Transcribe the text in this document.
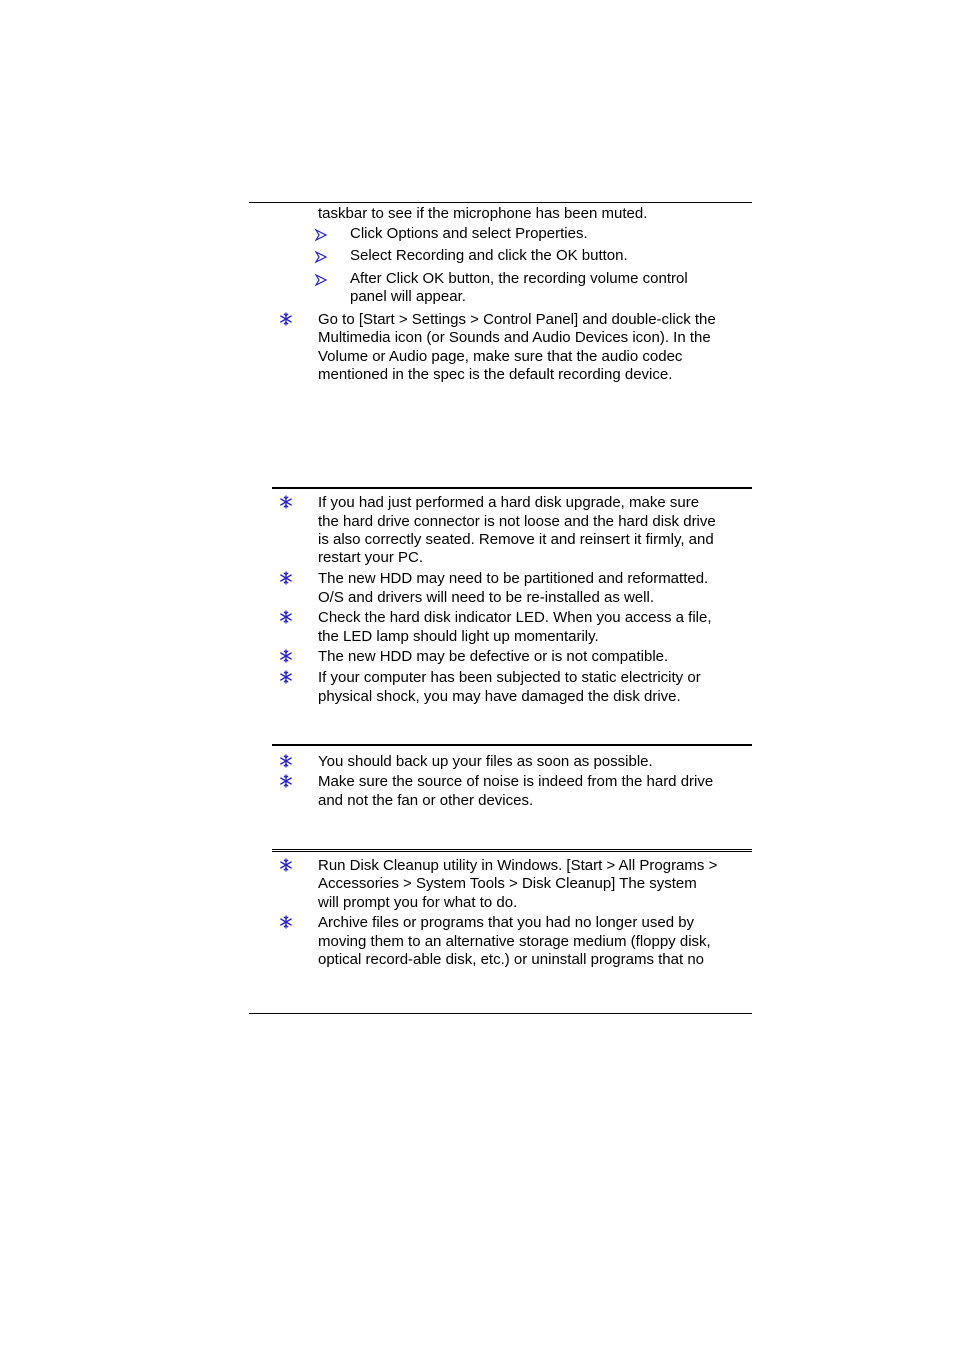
taskbar to see if the microphone has been muted.

Click Options and select Properties.

Select Recording and click the OK button.

After Click OK button, the recording volume control

panel will appear.

Go to [Start > Settings > Control Panel] and double-click the

Multimedia icon (or Sounds and Audio Devices icon). In the

Volume or Audio page, make sure that the audio codec

mentioned in the spec is the default recording device.

If you had just performed a hard disk upgrade, make sure

the hard drive connector is not loose and the hard disk drive

is also correctly seated. Remove it and reinsert it firmly, and

restart your PC.

The new HDD may need to be partitioned and reformatted.

O/S and drivers will need to be re-installed as well.

Check the hard disk indicator LED. When you access a file,

the LED lamp should light up momentarily.

The new HDD may be defective or is not compatible.

If your computer has been subjected to static electricity or

physical shock, you may have damaged the disk drive.

You should back up your files as soon as possible.

Make sure the source of noise is indeed from the hard drive

and not the fan or other devices.

Run Disk Cleanup utility in Windows. [Start > All Programs >

Accessories > System Tools > Disk Cleanup] The system

will prompt you for what to do.

Archive files or programs that you had no longer used by

moving them to an alternative storage medium (floppy disk,

optical record-able disk, etc.) or uninstall programs that no
